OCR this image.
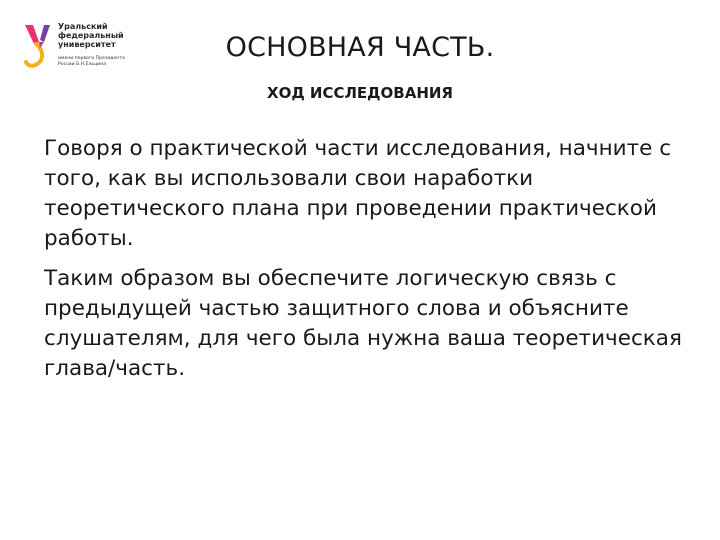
Уральский
федеральный
университет
имени первого Президента
России Б.Н.Ельцина
ОСНОВНАЯ ЧАСТЬ.
ХОД ИССЛЕДОВАНИЯ

Говоря о практической части исследования, начните с того, как вы использовали свои наработки теоретического плана при проведении практической работы.

Таким образом вы обеспечите логическую связь с предыдущей частью защитного слова и объясните слушателям, для чего была нужна ваша теоретическая глава/часть.
